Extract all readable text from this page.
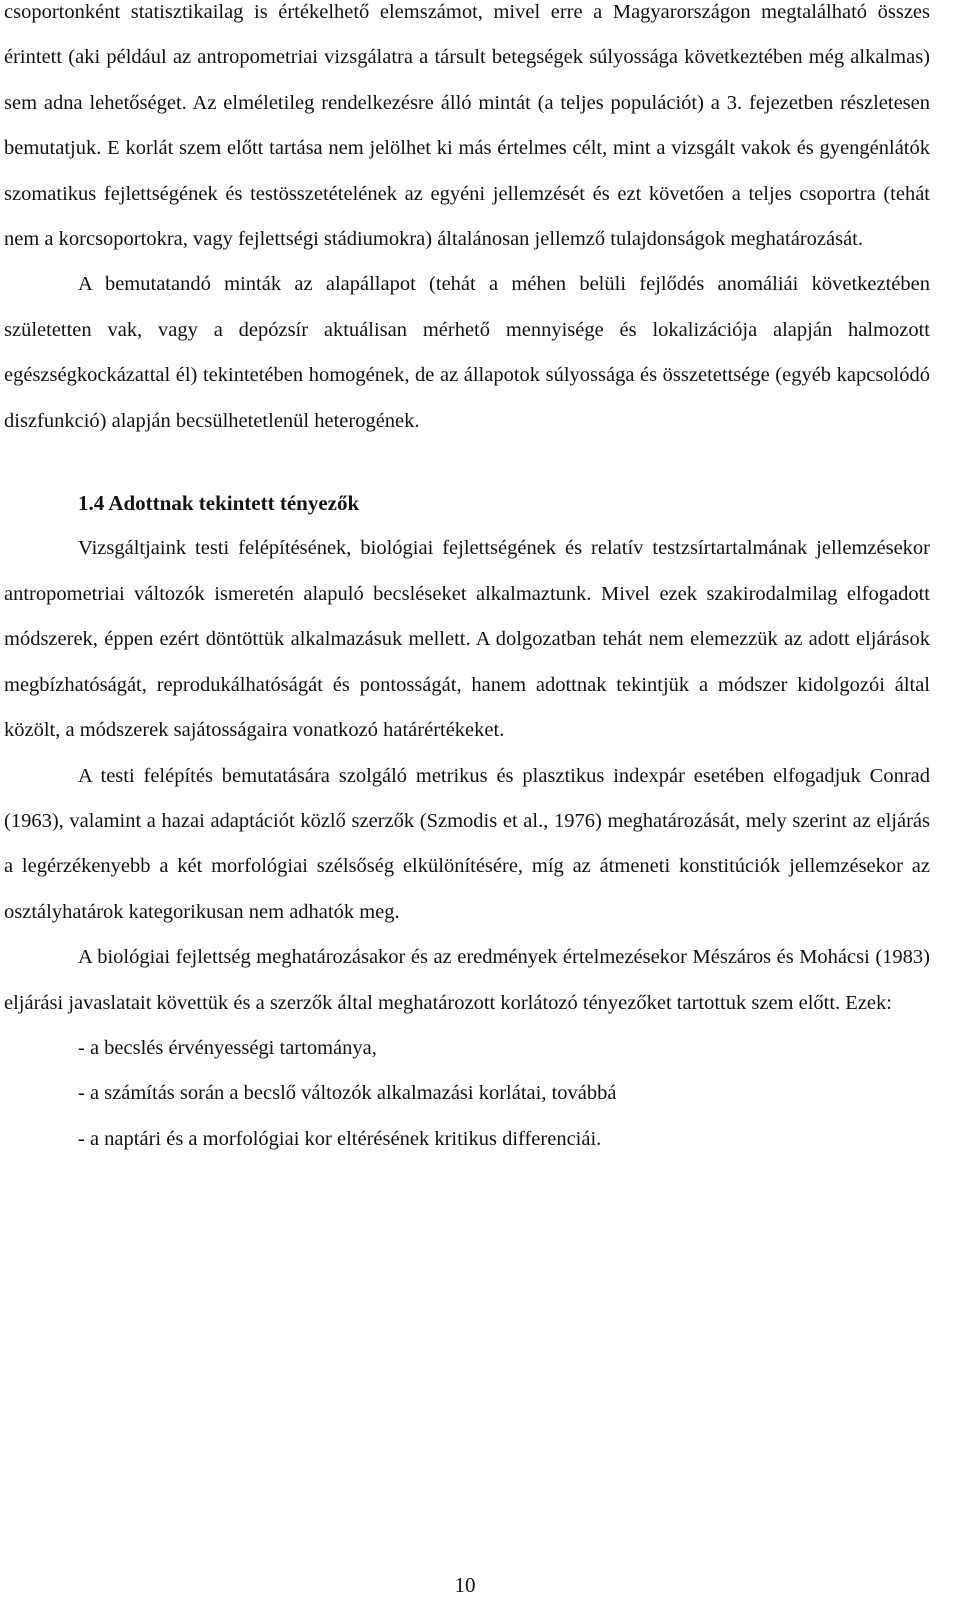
csoportonként statisztikailag is értékelhető elemszámot, mivel erre a Magyarországon megtalálható összes érintett (aki például az antropometriai vizsgálatra a társult betegségek súlyossága következtében még alkalmas) sem adna lehetőséget. Az elméletileg rendelkezésre álló mintát (a teljes populációt) a 3. fejezetben részletesen bemutatjuk. E korlát szem előtt tartása nem jelölhet ki más értelmes célt, mint a vizsgált vakok és gyengénlátók szomatikus fejlettségének és testösszetételének az egyéni jellemzését és ezt követően a teljes csoportra (tehát nem a korcsoportokra, vagy fejlettségi stádiumokra) általánosan jellemző tulajdonságok meghatározását.

A bemutatandó minták az alapállapot (tehát a méhen belüli fejlődés anomáliái következtében születetten vak, vagy a depózsír aktuálisan mérhető mennyisége és lokalizációja alapján halmozott egészségkockázattal él) tekintetében homogének, de az állapotok súlyossága és összetettsége (egyéb kapcsolódó diszfunkció) alapján becsülhetetlenül heterogének.

1.4 Adottnak tekintett tényezők

Vizsgáltjaink testi felépítésének, biológiai fejlettségének és relatív testzsírtartalmának jellemzésekor antropometriai változók ismeretén alapuló becsléseket alkalmaztunk. Mivel ezek szakirodalmilag elfogadott módszerek, éppen ezért döntöttük alkalmazásuk mellett. A dolgozatban tehát nem elemezzük az adott eljárások megbízhatóságát, reprodukálhatóságát és pontosságát, hanem adottnak tekintjük a módszer kidolgozói által közölt, a módszerek sajátosságaira vonatkozó határértékeket.

A testi felépítés bemutatására szolgáló metrikus és plasztikus indexpár esetében elfogadjuk Conrad (1963), valamint a hazai adaptációt közlő szerzők (Szmodis et al., 1976) meghatározását, mely szerint az eljárás a legérzékenyebb a két morfológiai szélsőség elkülönítésére, míg az átmeneti konstitúciók jellemzésekor az osztályhatárok kategorikusan nem adhatók meg.

A biológiai fejlettség meghatározásakor és az eredmények értelmezésekor Mészáros és Mohácsi (1983) eljárási javaslatait követtük és a szerzők által meghatározott korlátozó tényezőket tartottuk szem előtt. Ezek:

- a becslés érvényességi tartománya,
- a számítás során a becslő változók alkalmazási korlátai, továbbá
- a naptári és a morfológiai kor eltérésének kritikus differenciái.
10
